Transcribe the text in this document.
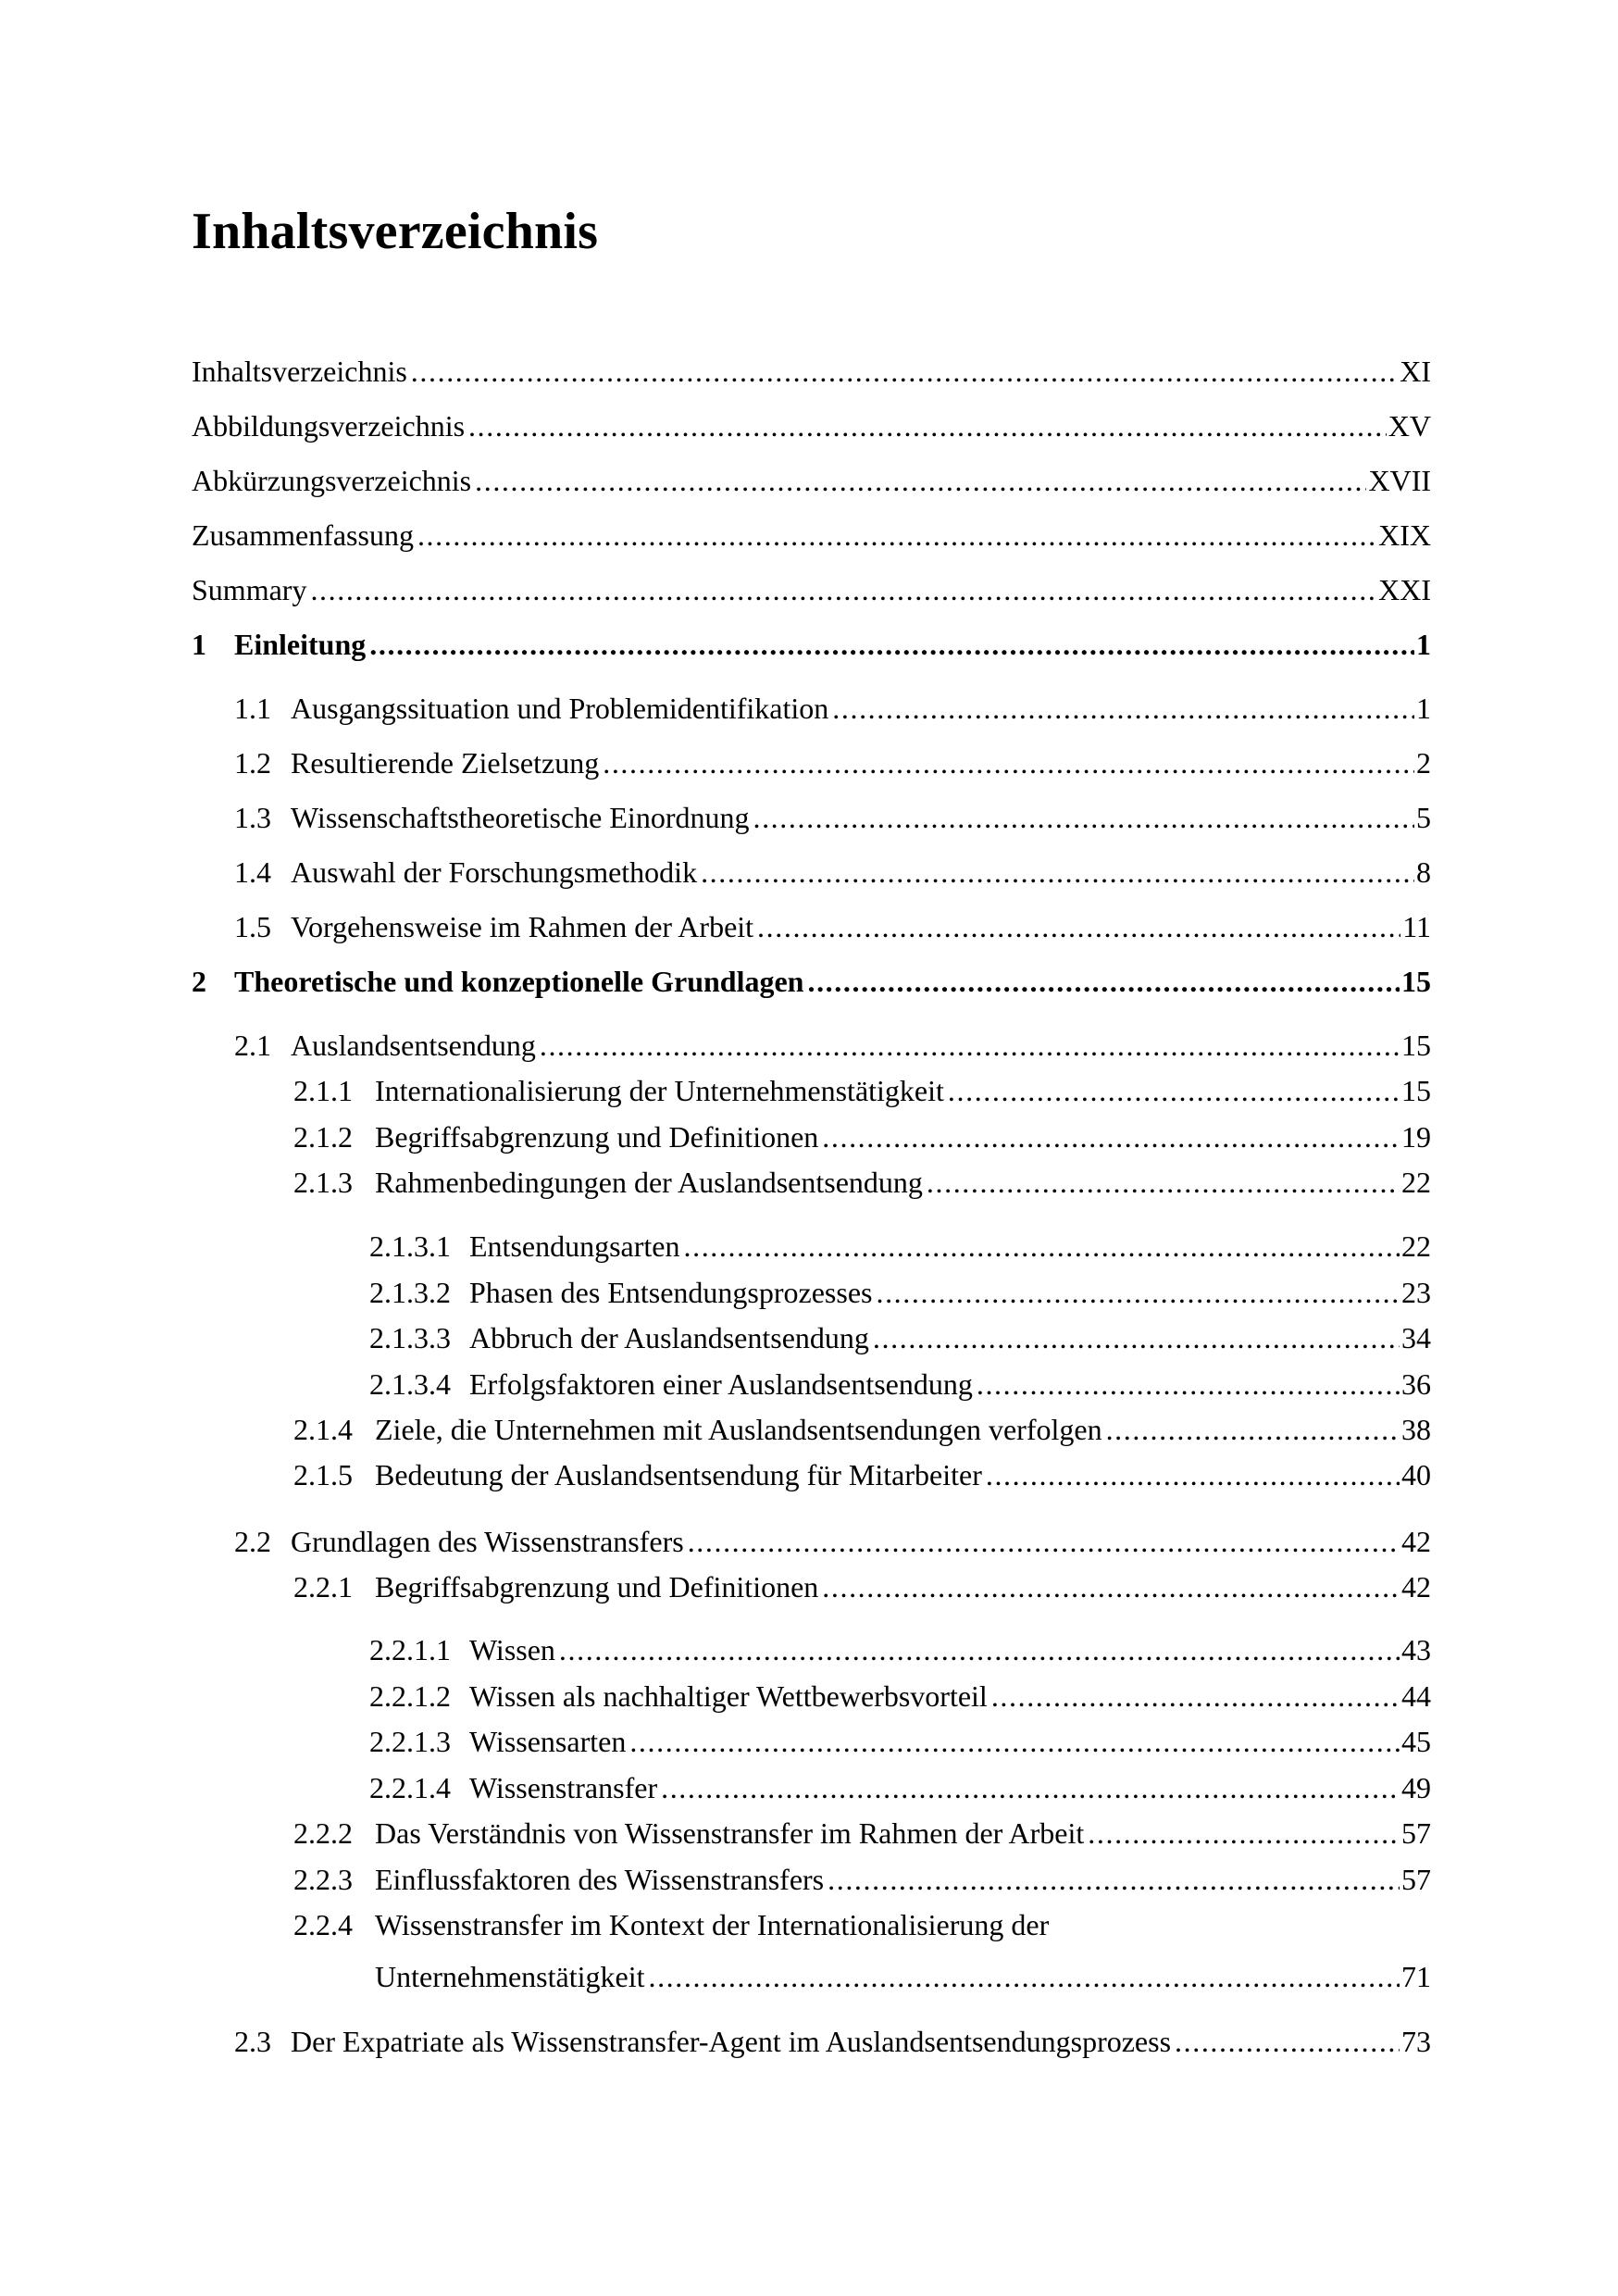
Inhaltsverzeichnis
Inhaltsverzeichnis .....	XI
Abbildungsverzeichnis .....	XV
Abkürzungsverzeichnis .....	XVII
Zusammenfassung .....	XIX
Summary .....	XXI
1 Einleitung .....	1
1.1 Ausgangssituation und Problemidentifikation .....	1
1.2 Resultierende Zielsetzung .....	2
1.3 Wissenschaftstheoretische Einordnung .....	5
1.4 Auswahl der Forschungsmethodik .....	8
1.5 Vorgehensweise im Rahmen der Arbeit .....	11
2 Theoretische und konzeptionelle Grundlagen .....	15
2.1 Auslandsentsendung .....	15
2.1.1 Internationalisierung der Unternehmenstätigkeit .....	15
2.1.2 Begriffsabgrenzung und Definitionen .....	19
2.1.3 Rahmenbedingungen der Auslandsentsendung .....	22
2.1.3.1 Entsendungsarten .....	22
2.1.3.2 Phasen des Entsendungsprozesses .....	23
2.1.3.3 Abbruch der Auslandsentsendung .....	34
2.1.3.4 Erfolgsfaktoren einer Auslandsentsendung .....	36
2.1.4 Ziele, die Unternehmen mit Auslandsentsendungen verfolgen .....	38
2.1.5 Bedeutung der Auslandsentsendung für Mitarbeiter .....	40
2.2 Grundlagen des Wissenstransfers .....	42
2.2.1 Begriffsabgrenzung und Definitionen .....	42
2.2.1.1 Wissen .....	43
2.2.1.2 Wissen als nachhaltiger Wettbewerbsvorteil .....	44
2.2.1.3 Wissensarten .....	45
2.2.1.4 Wissenstransfer .....	49
2.2.2 Das Verständnis von Wissenstransfer im Rahmen der Arbeit .....	57
2.2.3 Einflussfaktoren des Wissenstransfers .....	57
2.2.4 Wissenstransfer im Kontext der Internationalisierung der
Unternehmenstätigkeit .....	71
2.3 Der Expatriate als Wissenstransfer-Agent im Auslandsentsendungsprozess .....	73
